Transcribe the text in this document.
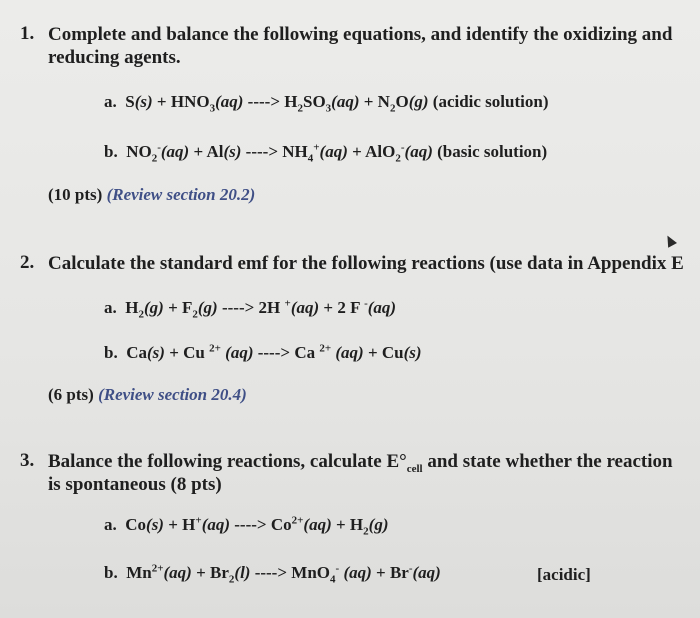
1. Complete and balance the following equations, and identify the oxidizing and reducing agents.
a. $S(s) + HNO_3(aq)$ ----> $H_2SO_3(aq) + N_2O(g)$ (acidic solution)
b. $NO_2^-(aq) + Al(s)$ ----> $NH_4^+(aq) + AlO_2^-(aq)$ (basic solution)
(10 pts) (Review section 20.2)
2. Calculate the standard emf for the following reactions (use data in Appendix E
a. $H_2(g) + F_2(g)$ ----> 2H +(aq) + 2 F -(aq)
b. Ca(s) + Cu $^{2+}$ (aq) ----> Ca $^{2+}$ (aq) + Cu(s)
(6 pts) (Review section 20.4)
3. Balance the following reactions, calculate $E^\circ_{cell}$ and state whether the reaction is spontaneous (8 pts)
a. Co(s) + H+(aq) ----> $Co^{2+}(aq) + H_2(g)$
b. $Mn^{2+}(aq) + Br_2(l)$ ----> MnO$_4$- (aq) + Br-(aq)	[acidic]
